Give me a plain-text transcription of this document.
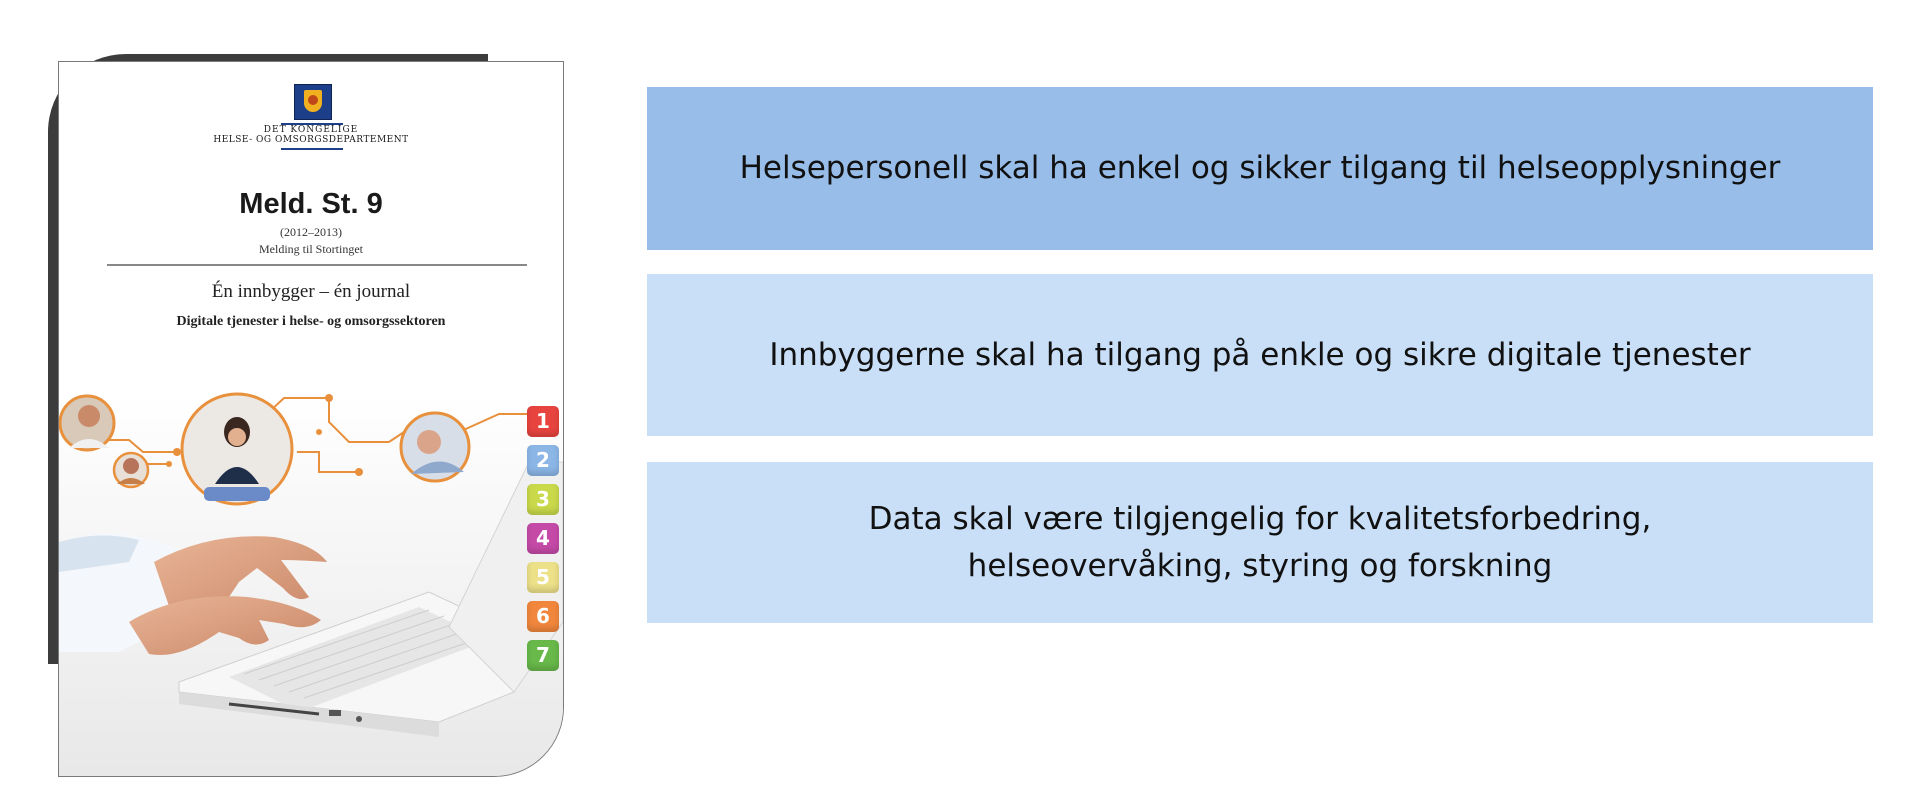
DET KONGELIGE
HELSE- OG OMSORGSDEPARTEMENT
Meld. St. 9
(2012–2013)
Melding til Stortinget
Én innbygger – én journal
Digitale tjenester i helse- og omsorgssektoren
1
2
3
4
5
6
7
Helsepersonell skal ha enkel og sikker tilgang til helseopplysninger
Innbyggerne skal ha tilgang på enkle og sikre digitale tjenester
Data skal være tilgjengelig for kvalitetsforbedring,
helseovervåking, styring og forskning
